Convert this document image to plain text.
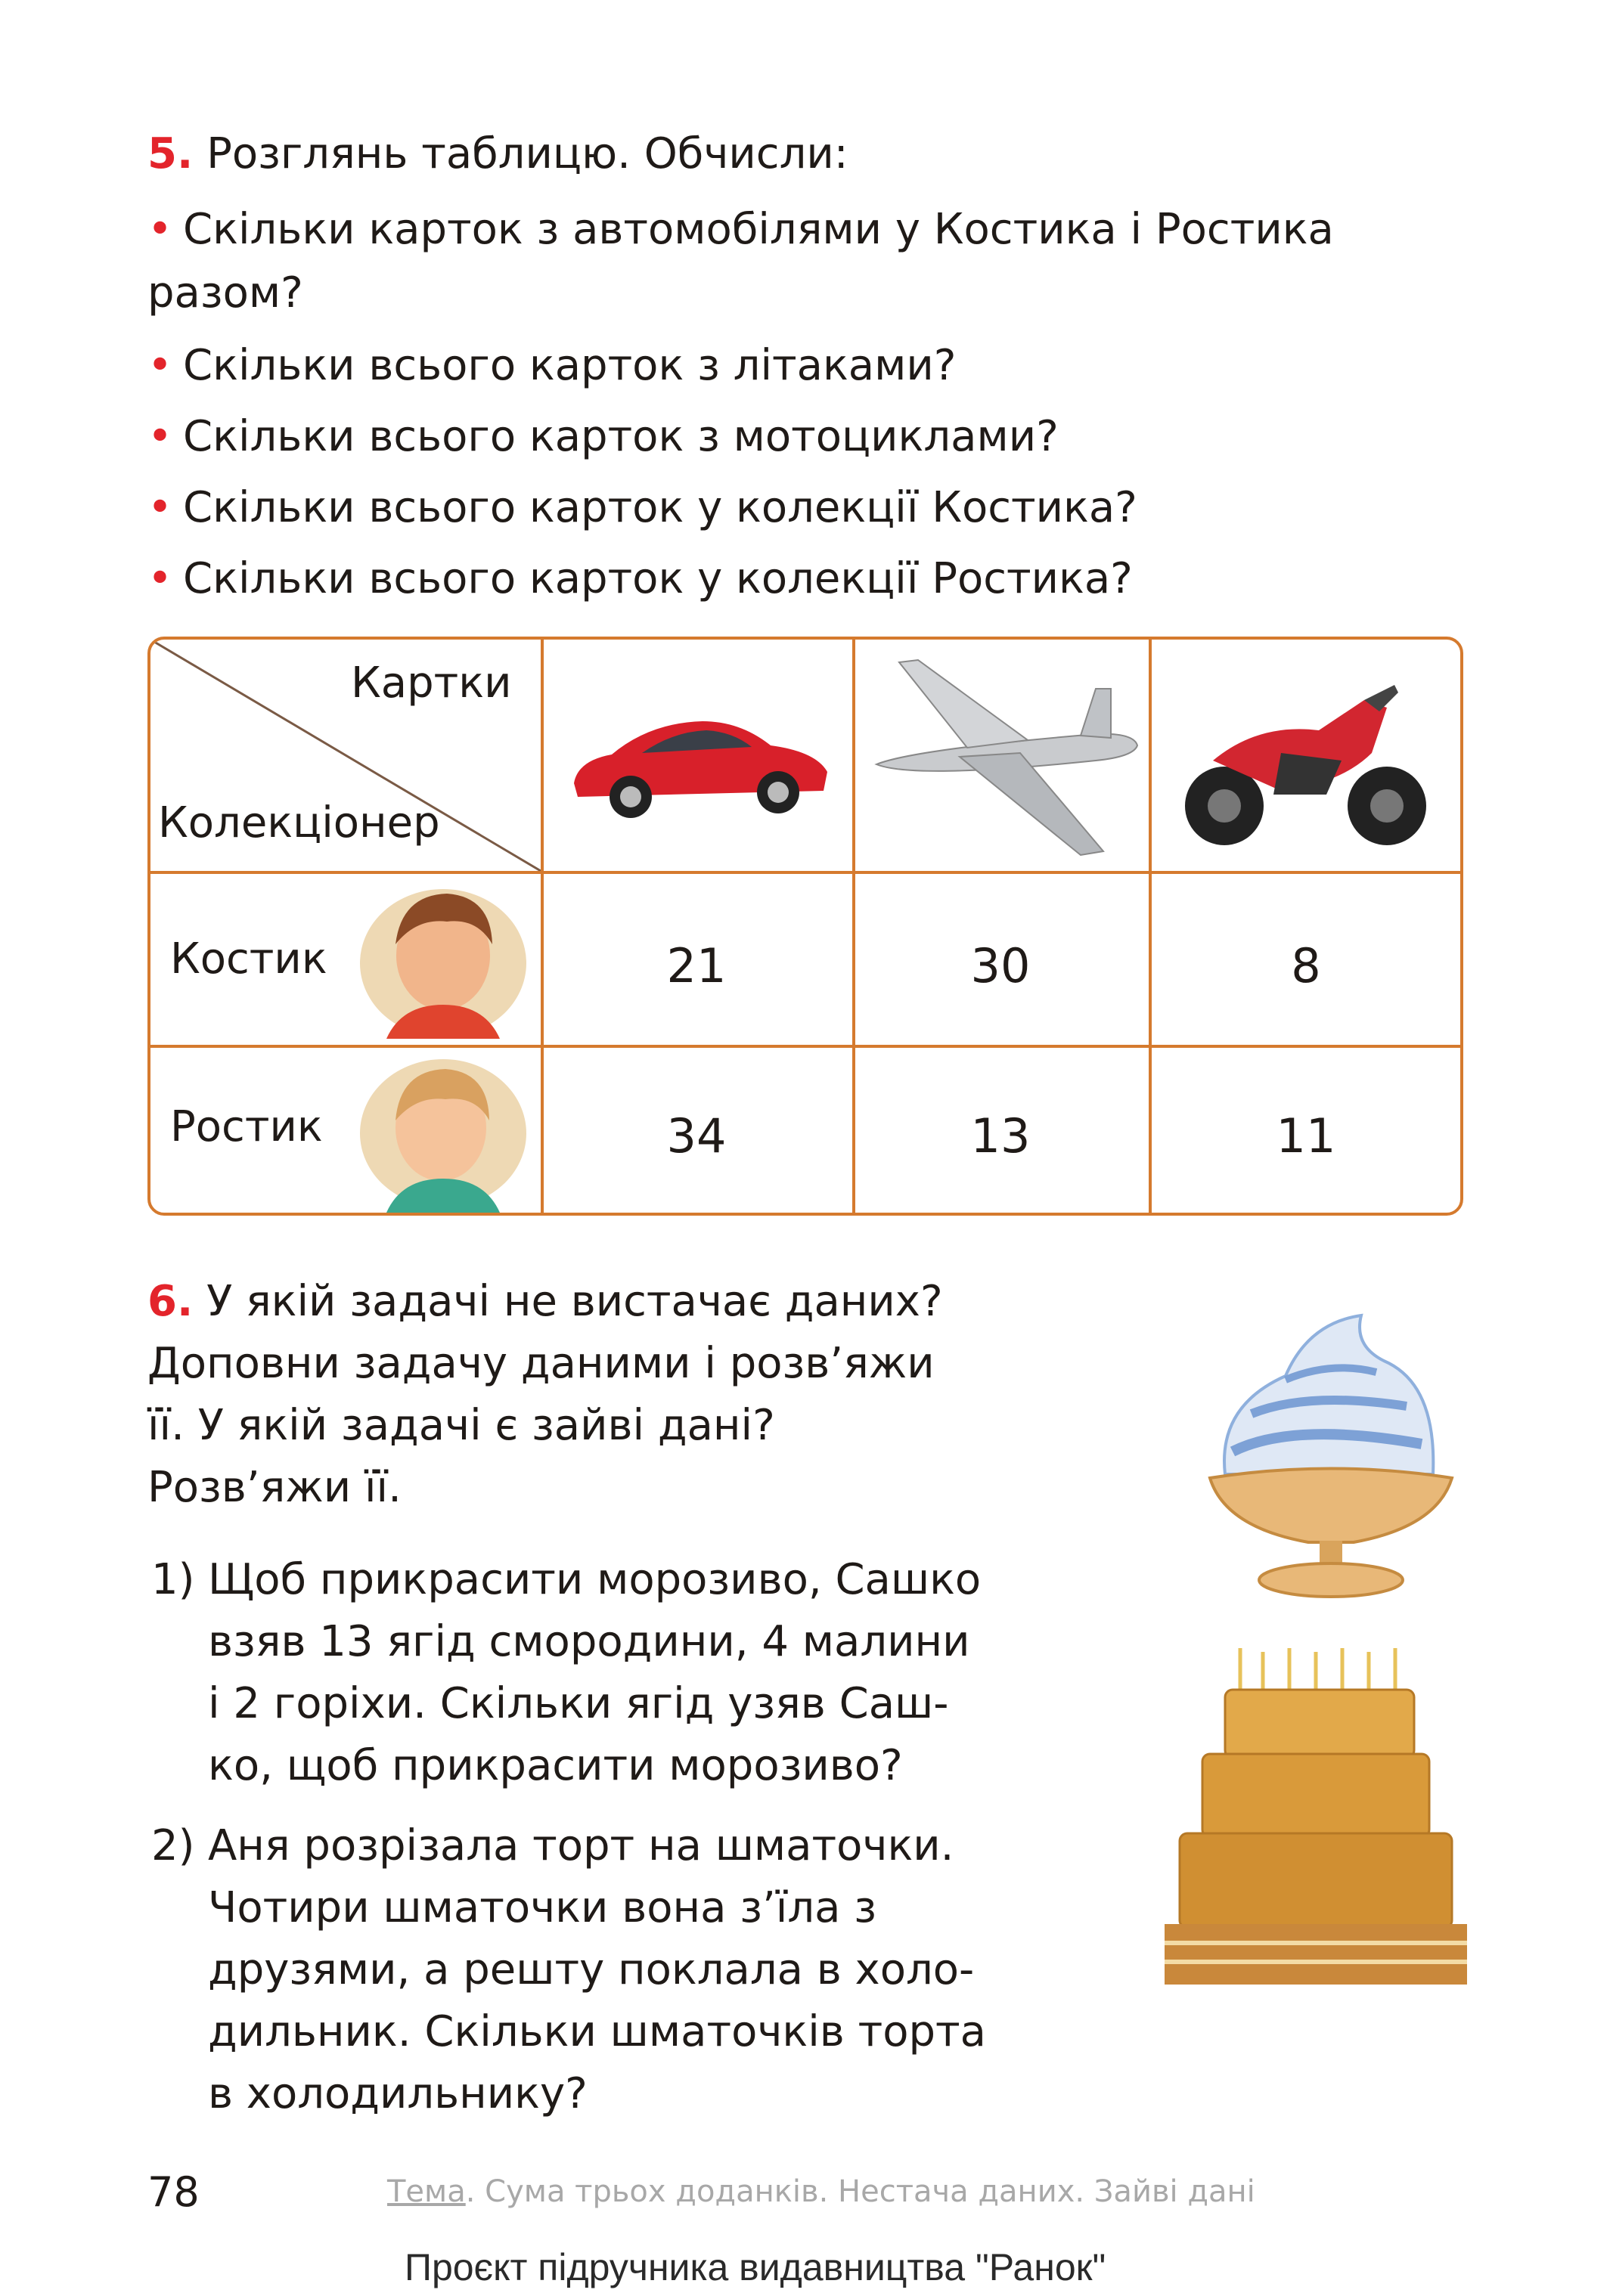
5. Розглянь таблицю. Обчисли:
• Скільки карток з автомобілями у Костика і Ростика
разом?
• Скільки всього карток з літаками?
• Скільки всього карток з мотоциклами?
• Скільки всього карток у колекції Костика?
• Скільки всього карток у колекції Ростика?
Картки
Колекціонер
Костик	21	30	8
Ростик	34	13	11
6. У якій задачі не вистачає даних?
Доповни задачу даними і розв’яжи
її. У якій задачі є зайві дані?
Розв’яжи її.
1) Щоб прикрасити морозиво, Сашко
взяв 13 ягід смородини, 4 малини
і 2 горіхи. Скільки ягід узяв Саш-
ко, щоб прикрасити морозиво?
2) Аня розрізала торт на шматочки.
Чотири шматочки вона з’їла з
друзями, а решту поклала в холо-
дильник. Скільки шматочків торта
в холодильнику?
78	Тема. Сума трьох доданків. Нестача даних. Зайві дані
Проєкт підручника видавництва "Ранок"
